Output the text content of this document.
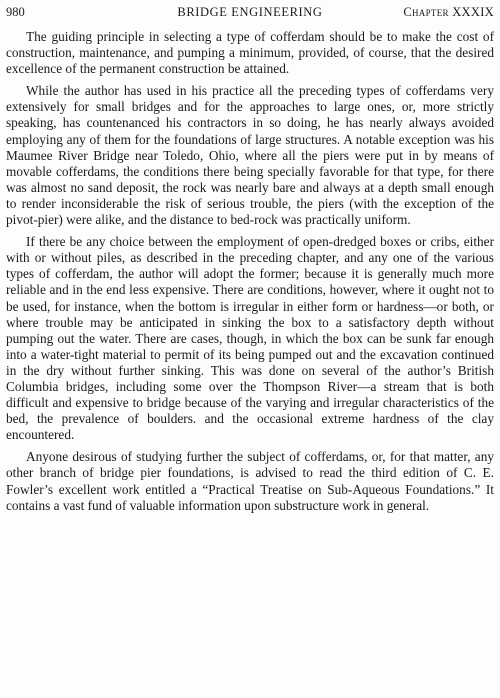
980	BRIDGE ENGINEERING	Chapter XXXIX

The guiding principle in selecting a type of cofferdam should be to make the cost of construction, maintenance, and pumping a minimum, provided, of course, that the desired excellence of the permanent construction be attained.

While the author has used in his practice all the preceding types of cofferdams very extensively for small bridges and for the approaches to large ones, or, more strictly speaking, has countenanced his contractors in so doing, he has nearly always avoided employing any of them for the foundations of large structures. A notable exception was his Maumee River Bridge near Toledo, Ohio, where all the piers were put in by means of movable cofferdams, the conditions there being specially favorable for that type, for there was almost no sand deposit, the rock was nearly bare and always at a depth small enough to render inconsiderable the risk of serious trouble, the piers (with the exception of the pivot-pier) were alike, and the distance to bed-rock was practically uniform.

If there be any choice between the employment of open-dredged boxes or cribs, either with or without piles, as described in the preceding chapter, and any one of the various types of cofferdam, the author will adopt the former; because it is generally much more reliable and in the end less expensive. There are conditions, however, where it ought not to be used, for instance, when the bottom is irregular in either form or hardness—or both, or where trouble may be anticipated in sinking the box to a satisfactory depth without pumping out the water. There are cases, though, in which the box can be sunk far enough into a water-tight material to permit of its being pumped out and the excavation continued in the dry without further sinking. This was done on several of the author’s British Columbia bridges, including some over the Thompson River—a stream that is both difficult and expensive to bridge because of the varying and irregular characteristics of the bed, the prevalence of boulders. and the occasional extreme hardness of the clay encountered.

Anyone desirous of studying further the subject of cofferdams, or, for that matter, any other branch of bridge pier foundations, is advised to read the third edition of C. E. Fowler’s excellent work entitled a “Practical Treatise on Sub-Aqueous Foundations.” It contains a vast fund of valuable information upon substructure work in general.
